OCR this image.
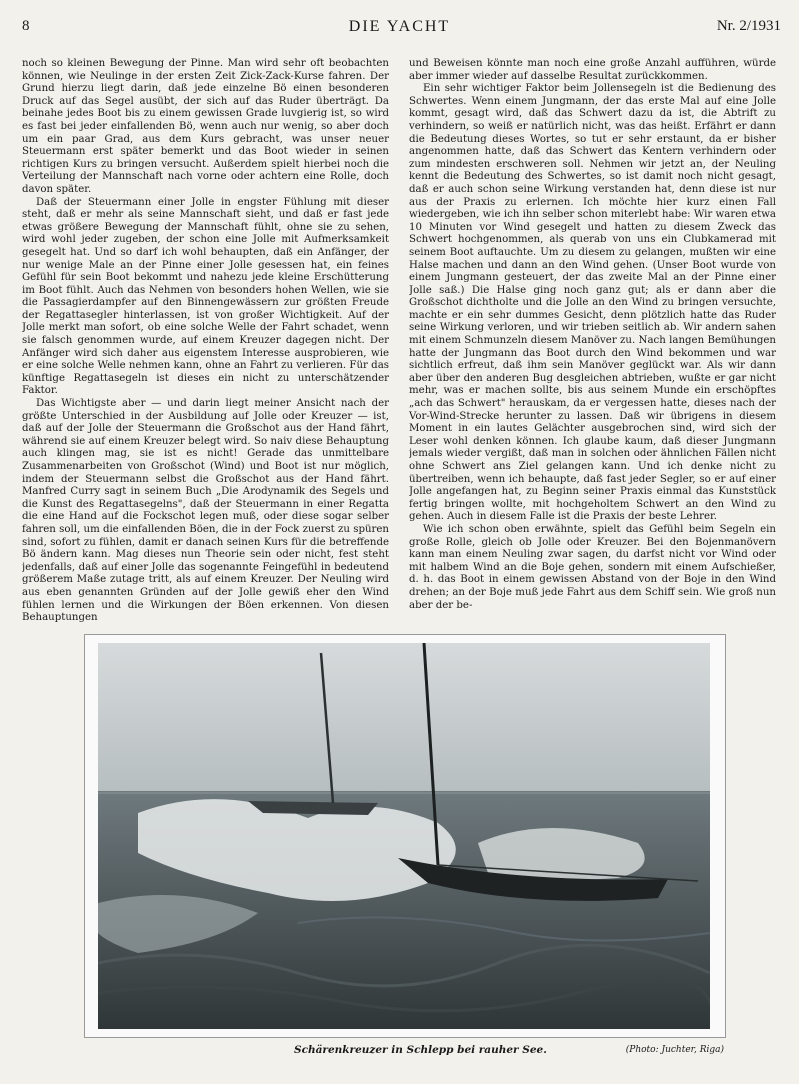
8	DIE YACHT	Nr. 2/1931

noch so kleinen Bewegung der Pinne. Man wird sehr oft beobachten können, wie Neulinge in der ersten Zeit Zick-Zack-Kurse fahren. Der Grund hierzu liegt darin, daß jede einzelne Bö einen besonderen Druck auf das Segel ausübt, der sich auf das Ruder überträgt. Da beinahe jedes Boot bis zu einem gewissen Grade luvgierig ist, so wird es fast bei jeder einfallenden Bö, wenn auch nur wenig, so aber doch um ein paar Grad, aus dem Kurs gebracht, was unser neuer Steuermann erst später bemerkt und das Boot wieder in seinen richtigen Kurs zu bringen versucht. Außerdem spielt hierbei noch die Verteilung der Mannschaft nach vorne oder achtern eine Rolle, doch davon später.

Daß der Steuermann einer Jolle in engster Fühlung mit dieser steht, daß er mehr als seine Mannschaft sieht, und daß er fast jede etwas größere Bewegung der Mannschaft fühlt, ohne sie zu sehen, wird wohl jeder zugeben, der schon eine Jolle mit Aufmerksamkeit gesegelt hat. Und so darf ich wohl behaupten, daß ein Anfänger, der nur wenige Male an der Pinne einer Jolle gesessen hat, ein feines Gefühl für sein Boot bekommt und nahezu jede kleine Erschütterung im Boot fühlt. Auch das Nehmen von besonders hohen Wellen, wie sie die Passagierdampfer auf den Binnengewässern zur größten Freude der Regattasegler hinterlassen, ist von großer Wichtigkeit. Auf der Jolle merkt man sofort, ob eine solche Welle der Fahrt schadet, wenn sie falsch genommen wurde, auf einem Kreuzer dagegen nicht. Der Anfänger wird sich daher aus eigenstem Interesse ausprobieren, wie er eine solche Welle nehmen kann, ohne an Fahrt zu verlieren. Für das künftige Regattasegeln ist dieses ein nicht zu unterschätzender Faktor.

Das Wichtigste aber — und darin liegt meiner Ansicht nach der größte Unterschied in der Ausbildung auf Jolle oder Kreuzer — ist, daß auf der Jolle der Steuermann die Großschot aus der Hand fährt, während sie auf einem Kreuzer belegt wird. So naiv diese Behauptung auch klingen mag, sie ist es nicht! Gerade das unmittelbare Zusammenarbeiten von Großschot (Wind) und Boot ist nur möglich, indem der Steuermann selbst die Großschot aus der Hand fährt. Manfred Curry sagt in seinem Buch „Die Arodynamik des Segels und die Kunst des Regattasegelns", daß der Steuermann in einer Regatta die eine Hand auf die Fockschot legen muß, oder diese sogar selber fahren soll, um die einfallenden Böen, die in der Fock zuerst zu spüren sind, sofort zu fühlen, damit er danach seinen Kurs für die betreffende Bö ändern kann. Mag dieses nun Theorie sein oder nicht, fest steht jedenfalls, daß auf einer Jolle das sogenannte Feingefühl in bedeutend größerem Maße zutage tritt, als auf einem Kreuzer. Der Neuling wird aus eben genannten Gründen auf der Jolle gewiß eher den Wind fühlen lernen und die Wirkungen der Böen erkennen. Von diesen Behauptungen

und Beweisen könnte man noch eine große Anzahl aufführen, würde aber immer wieder auf dasselbe Resultat zurückkommen.

Ein sehr wichtiger Faktor beim Jollensegeln ist die Bedienung des Schwertes. Wenn einem Jungmann, der das erste Mal auf eine Jolle kommt, gesagt wird, daß das Schwert dazu da ist, die Abtrift zu verhindern, so weiß er natürlich nicht, was das heißt. Erfährt er dann die Bedeutung dieses Wortes, so tut er sehr erstaunt, da er bisher angenommen hatte, daß das Schwert das Kentern verhindern oder zum mindesten erschweren soll. Nehmen wir jetzt an, der Neuling kennt die Bedeutung des Schwertes, so ist damit noch nicht gesagt, daß er auch schon seine Wirkung verstanden hat, denn diese ist nur aus der Praxis zu erlernen. Ich möchte hier kurz einen Fall wiedergeben, wie ich ihn selber schon miterlebt habe: Wir waren etwa 10 Minuten vor Wind gesegelt und hatten zu diesem Zweck das Schwert hochgenommen, als querab von uns ein Clubkamerad mit seinem Boot auftauchte. Um zu diesem zu gelangen, mußten wir eine Halse machen und dann an den Wind gehen. (Unser Boot wurde von einem Jungmann gesteuert, der das zweite Mal an der Pinne einer Jolle saß.) Die Halse ging noch ganz gut; als er dann aber die Großschot dichtholte und die Jolle an den Wind zu bringen versuchte, machte er ein sehr dummes Gesicht, denn plötzlich hatte das Ruder seine Wirkung verloren, und wir trieben seitlich ab. Wir andern sahen mit einem Schmunzeln diesem Manöver zu. Nach langen Bemühungen hatte der Jungmann das Boot durch den Wind bekommen und war sichtlich erfreut, daß ihm sein Manöver geglückt war. Als wir dann aber über den anderen Bug desgleichen abtrieben, wußte er gar nicht mehr, was er machen sollte, bis aus seinem Munde ein erschöpftes „ach das Schwert" herauskam, da er vergessen hatte, dieses nach der Vor-Wind-Strecke herunter zu lassen. Daß wir übrigens in diesem Moment in ein lautes Gelächter ausgebrochen sind, wird sich der Leser wohl denken können. Ich glaube kaum, daß dieser Jungmann jemals wieder vergißt, daß man in solchen oder ähnlichen Fällen nicht ohne Schwert ans Ziel gelangen kann. Und ich denke nicht zu übertreiben, wenn ich behaupte, daß fast jeder Segler, so er auf einer Jolle angefangen hat, zu Beginn seiner Praxis einmal das Kunststück fertig bringen wollte, mit hochgeholtem Schwert an den Wind zu gehen. Auch in diesem Falle ist die Praxis der beste Lehrer.

Wie ich schon oben erwähnte, spielt das Gefühl beim Segeln ein große Rolle, gleich ob Jolle oder Kreuzer. Bei den Bojenmanövern kann man einem Neuling zwar sagen, du darfst nicht vor Wind oder mit halbem Wind an die Boje gehen, sondern mit einem Aufschießer, d. h. das Boot in einem gewissen Abstand von der Boje in den Wind drehen; an der Boje muß jede Fahrt aus dem Schiff sein. Wie groß nun aber der be-

Schärenkreuzer in Schlepp bei rauher See.	(Photo: Juchter, Riga)
